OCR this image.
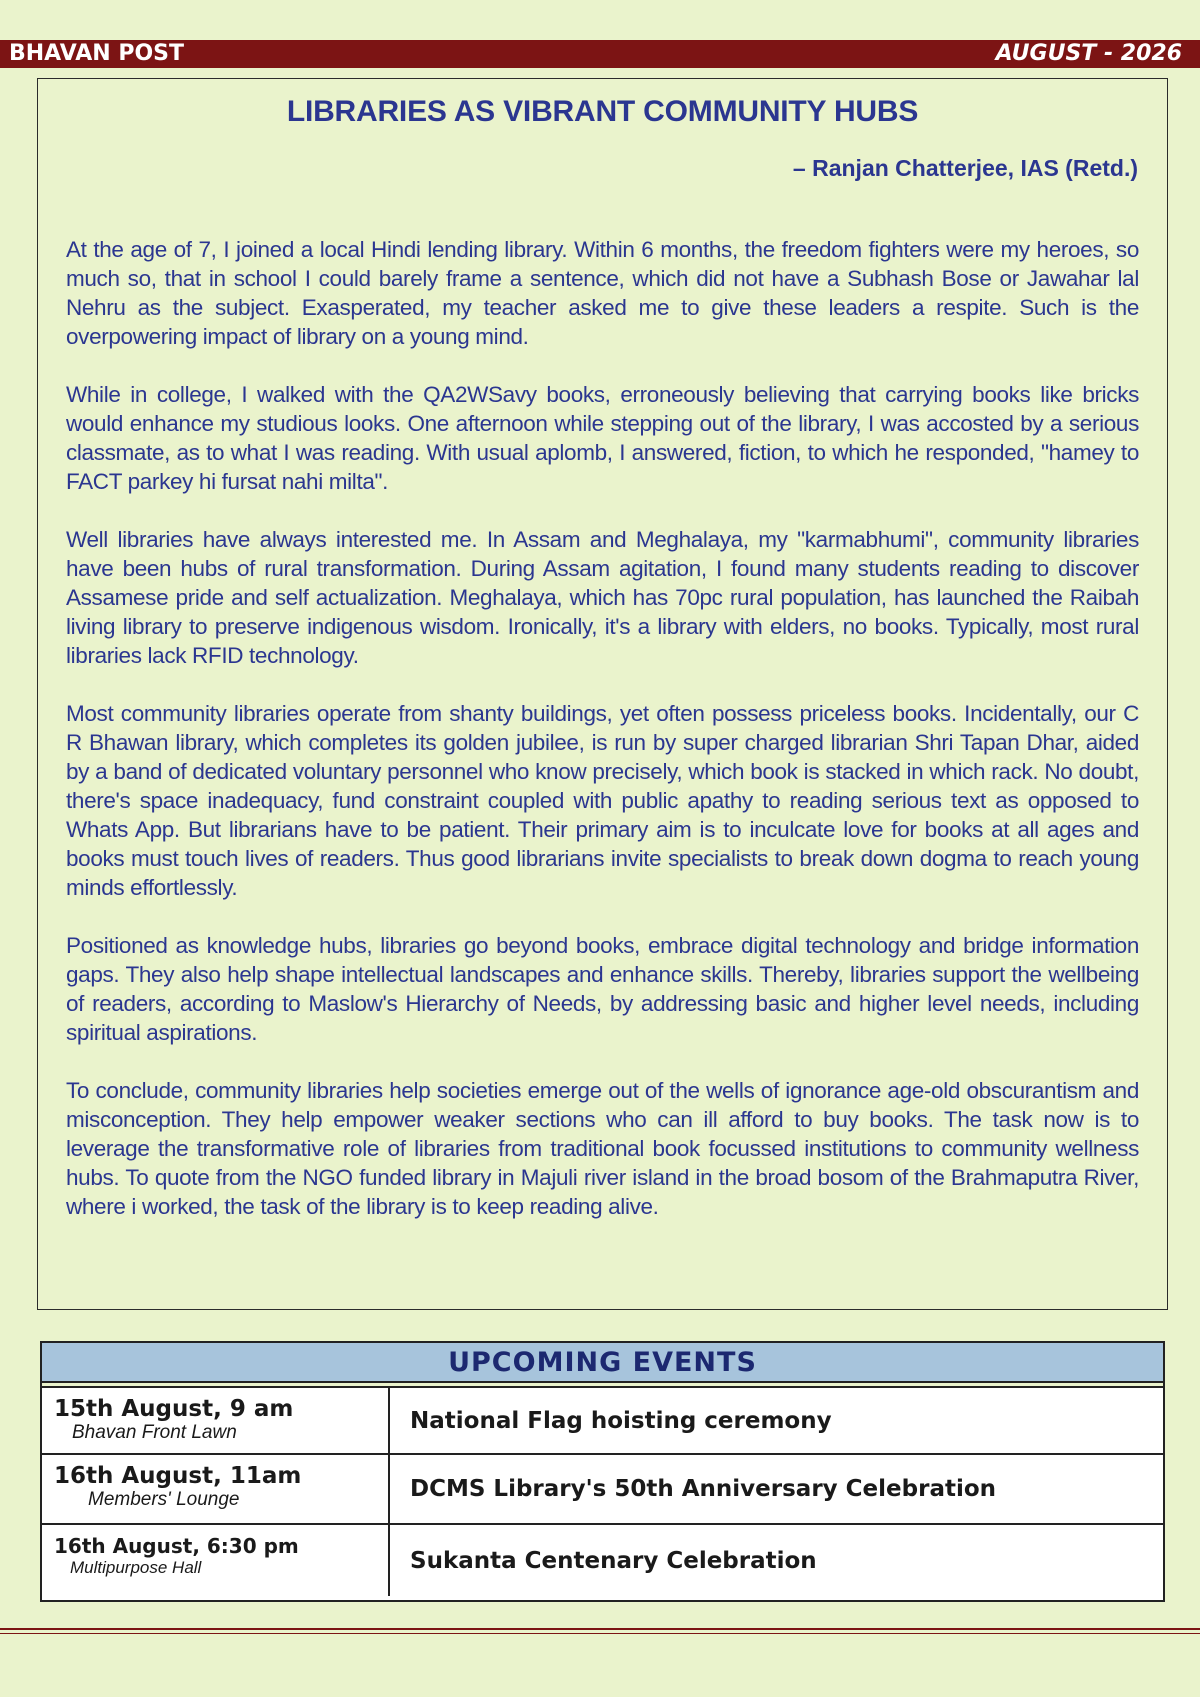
BHAVAN POST	AUGUST - 2026
LIBRARIES AS VIBRANT COMMUNITY HUBS
– Ranjan Chatterjee, IAS (Retd.)

At the age of 7, I joined a local Hindi lending library. Within 6 months, the freedom fighters were my heroes, so much so, that in school I could barely frame a sentence, which did not have a Subhash Bose or Jawahar lal Nehru as the subject. Exasperated, my teacher asked me to give these leaders a respite. Such is the overpowering impact of library on a young mind.

While in college, I walked with the QA2WSavy books, erroneously believing that carrying books like bricks would enhance my studious looks. One afternoon while stepping out of the library, I was accosted by a serious classmate, as to what I was reading. With usual aplomb, I answered, fiction, to which he responded, "hamey to FACT parkey hi fursat nahi milta".

Well libraries have always interested me. In Assam and Meghalaya, my "karmabhumi", community libraries have been hubs of rural transformation. During Assam agitation, I found many students reading to discover Assamese pride and self actualization. Meghalaya, which has 70pc rural population, has launched the Raibah living library to preserve indigenous wisdom. Ironically, it's a library with elders, no books. Typically, most rural libraries lack RFID technology.

Most community libraries operate from shanty buildings, yet often possess priceless books. Incidentally, our C R Bhawan library, which completes its golden jubilee, is run by super charged librarian Shri Tapan Dhar, aided by a band of dedicated voluntary personnel who know precisely, which book is stacked in which rack. No doubt, there's space inadequacy, fund constraint coupled with public apathy to reading serious text as opposed to Whats App. But librarians have to be patient. Their primary aim is to inculcate love for books at all ages and books must touch lives of readers. Thus good librarians invite specialists to break down dogma to reach young minds effortlessly.

Positioned as knowledge hubs, libraries go beyond books, embrace digital technology and bridge information gaps. They also help shape intellectual landscapes and enhance skills. Thereby, libraries support the wellbeing of readers, according to Maslow's Hierarchy of Needs, by addressing basic and higher level needs, including spiritual aspirations.

To conclude, community libraries help societies emerge out of the wells of ignorance age-old obscurantism and misconception. They help empower weaker sections who can ill afford to buy books. The task now is to leverage the transformative role of libraries from traditional book focussed institutions to community wellness hubs. To quote from the NGO funded library in Majuli river island in the broad bosom of the Brahmaputra River, where i worked, the task of the library is to keep reading alive.

UPCOMING EVENTS
15th August, 9 am
Bhavan Front Lawn	National Flag hoisting ceremony
16th August, 11am
Members' Lounge	DCMS Library's 50th Anniversary Celebration
16th August, 6:30 pm
Multipurpose Hall	Sukanta Centenary Celebration
